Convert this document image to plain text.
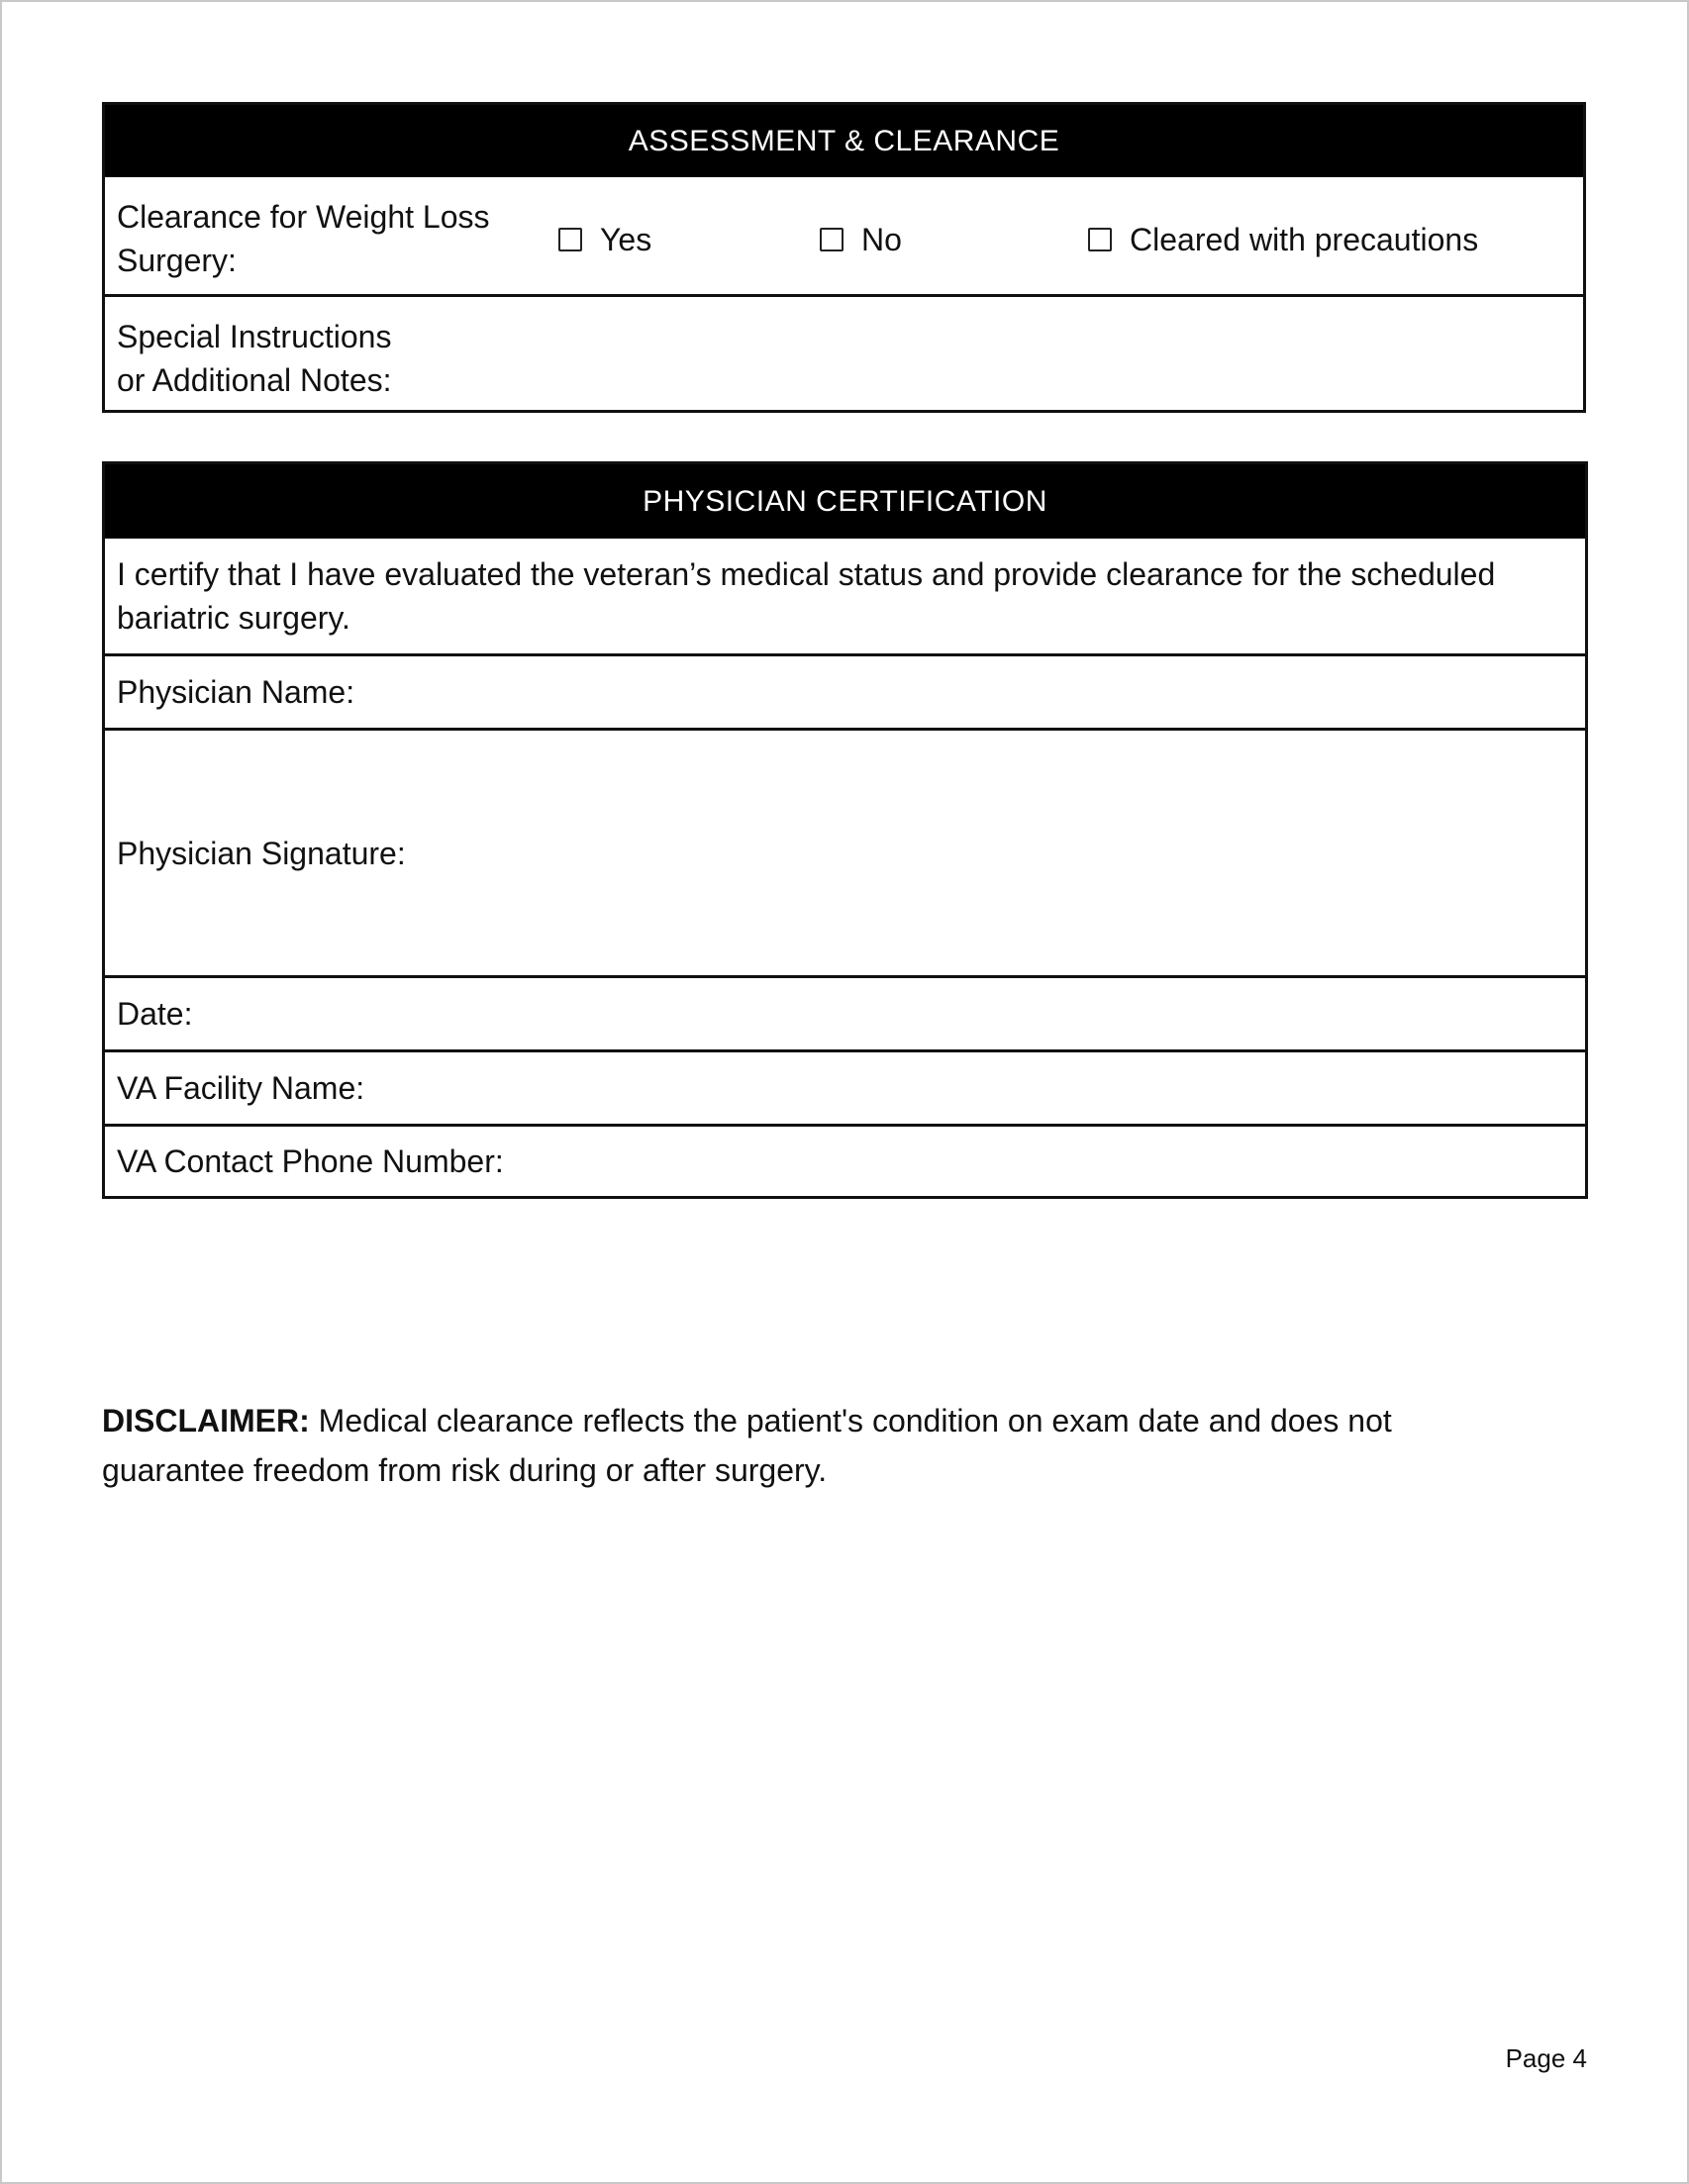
ASSESSMENT & CLEARANCE
Clearance for Weight Loss Surgery:
Yes	No	Cleared with precautions
Special Instructions
or Additional Notes:
PHYSICIAN CERTIFICATION
I certify that I have evaluated the veteran’s medical status and provide clearance for the scheduled bariatric surgery.
Physician Name:
Physician Signature:
Date:
VA Facility Name:
VA Contact Phone Number:
DISCLAIMER: Medical clearance reflects the patient's condition on exam date and does not guarantee freedom from risk during or after surgery.
Page 4
